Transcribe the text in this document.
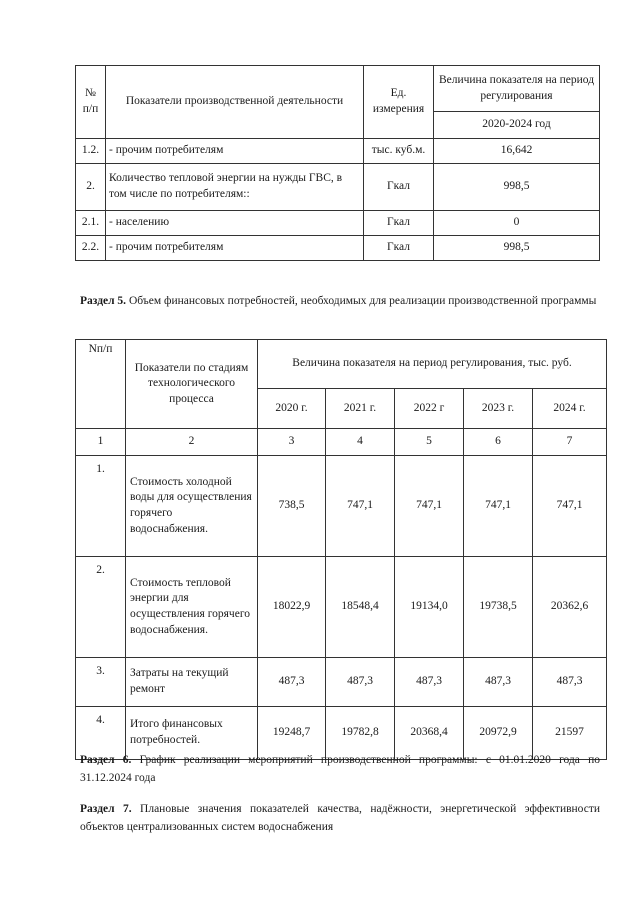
№ п/п	Показатели производственной деятельности	Ед. измерения	Величина показателя на период регулирования
			2020-2024 год
1.2.	- прочим потребителям	тыс. куб.м.	16,642
2.	Количество тепловой энергии на нужды ГВС, в том числе по потребителям::	Гкал	998,5
2.1.	- населению	Гкал	0
2.2.	- прочим потребителям	Гкал	998,5
Раздел 5. Объем финансовых потребностей, необходимых для реализации производственной программы
Nп/п	Показатели по стадиям технологического процесса	Величина показателя на период регулирования, тыс. руб.				
		2020 г.	2021 г.	2022 г	2023 г.	2024 г.
1	2	3	4	5	6	7
1.	Стоимость холодной воды для осуществления горячего водоснабжения.	738,5	747,1	747,1	747,1	747,1
2.	Стоимость тепловой энергии для осуществления горячего водоснабжения.	18022,9	18548,4	19134,0	19738,5	20362,6
3.	Затраты на текущий ремонт	487,3	487,3	487,3	487,3	487,3
4.	Итого финансовых потребностей.	19248,7	19782,8	20368,4	20972,9	21597
Раздел 6. График реализации мероприятий производственной программы: с 01.01.2020 года по 31.12.2024 года
Раздел 7. Плановые значения показателей качества, надёжности, энергетической эффективности объектов централизованных систем водоснабжения
